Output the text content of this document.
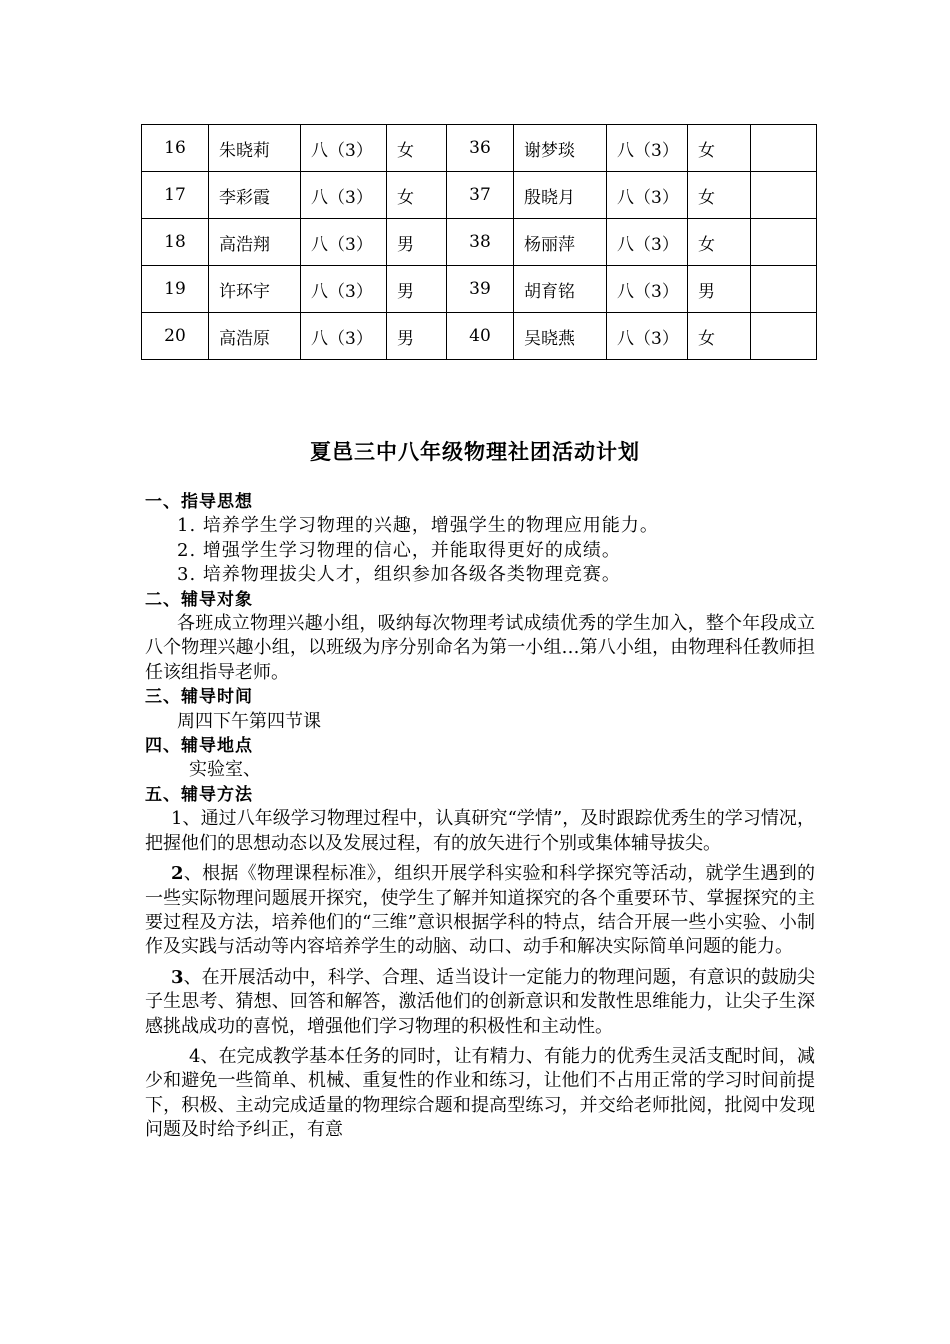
16	朱晓莉	八（3）	女	36	谢梦琰	八（3）	女	
17	李彩霞	八（3）	女	37	殷晓月	八（3）	女	
18	高浩翔	八（3）	男	38	杨丽萍	八（3）	女	
19	许环宇	八（3）	男	39	胡育铭	八（3）	男	
20	高浩原	八（3）	男	40	吴晓燕	八（3）	女	
夏邑三中八年级物理社团活动计划

一、指导思想

1. 培养学生学习物理的兴趣，增强学生的物理应用能力。

2. 增强学生学习物理的信心，并能取得更好的成绩。

3. 培养物理拔尖人才，组织参加各级各类物理竞赛。

二、辅导对象

各班成立物理兴趣小组，吸纳每次物理考试成绩优秀的学生加入，整个年段成立八个物理兴趣小组，以班级为序分别命名为第一小组…第八小组，由物理科任教师担任该组指导老师。

三、辅导时间

周四下午第四节课

四、辅导地点

实验室、

五、辅导方法

1、通过八年级学习物理过程中，认真研究“学情”，及时跟踪优秀生的学习情况，把握他们的思想动态以及发展过程，有的放矢进行个别或集体辅导拔尖。

2、根据《物理课程标准》，组织开展学科实验和科学探究等活动，就学生遇到的一些实际物理问题展开探究，使学生了解并知道探究的各个重要环节、掌握探究的主要过程及方法，培养他们的“三维”意识根据学科的特点，结合开展一些小实验、小制作及实践与活动等内容培养学生的动脑、动口、动手和解决实际简单问题的能力。

3、在开展活动中，科学、合理、适当设计一定能力的物理问题，有意识的鼓励尖子生思考、猜想、回答和解答，激活他们的创新意识和发散性思维能力，让尖子生深感挑战成功的喜悦，增强他们学习物理的积极性和主动性。

4、在完成教学基本任务的同时，让有精力、有能力的优秀生灵活支配时间，减少和避免一些简单、机械、重复性的作业和练习，让他们不占用正常的学习时间前提下，积极、主动完成适量的物理综合题和提高型练习，并交给老师批阅，批阅中发现问题及时给予纠正，有意
